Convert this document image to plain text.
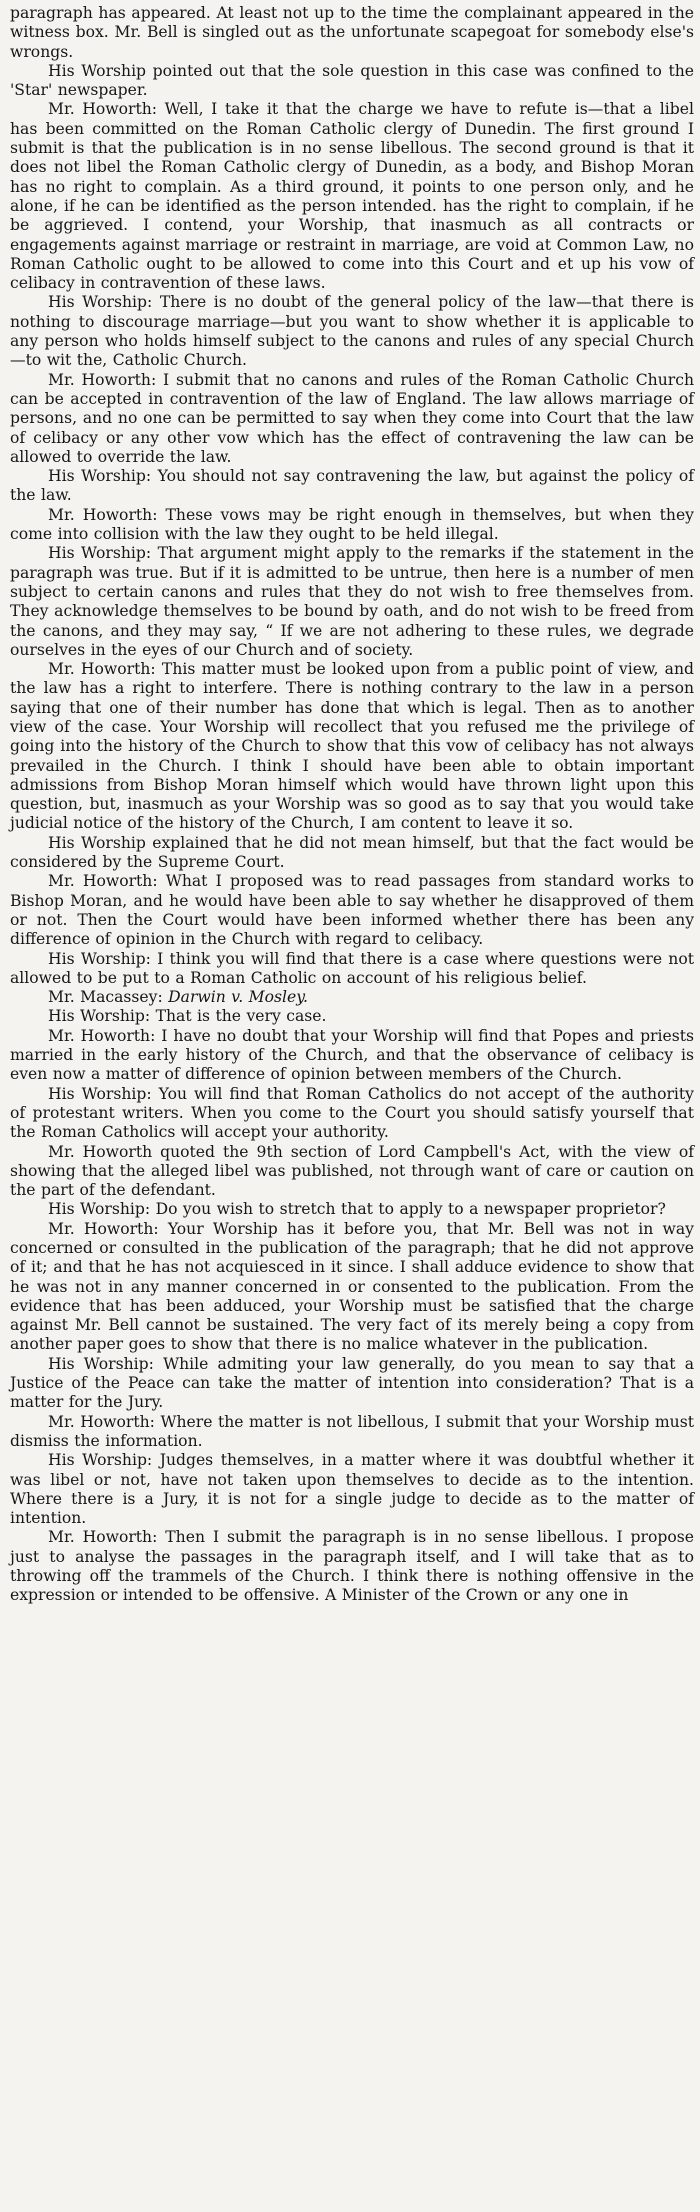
paragraph has appeared. At least not up to the time the complainant appeared in the witness box. Mr. Bell is singled out as the unfortunate scapegoat for somebody else's wrongs.

His Worship pointed out that the sole question in this case was confined to the 'Star' newspaper.

Mr. Howorth: Well, I take it that the charge we have to refute is—that a libel has been committed on the Roman Catholic clergy of Dunedin. The first ground I submit is that the publication is in no sense libellous. The second ground is that it does not libel the Roman Catholic clergy of Dunedin, as a body, and Bishop Moran has no right to complain. As a third ground, it points to one person only, and he alone, if he can be identified as the person intended. has the right to complain, if he be aggrieved. I contend, your Worship, that inasmuch as all contracts or engagements against marriage or restraint in marriage, are void at Common Law, no Roman Catholic ought to be allowed to come into this Court and et up his vow of celibacy in contravention of these laws.

His Worship: There is no doubt of the general policy of the law—that there is nothing to discourage marriage—but you want to show whether it is applicable to any person who holds himself subject to the canons and rules of any special Church—to wit the, Catholic Church.

Mr. Howorth: I submit that no canons and rules of the Roman Catholic Church can be accepted in contravention of the law of England. The law allows marriage of persons, and no one can be permitted to say when they come into Court that the law of celibacy or any other vow which has the effect of contravening the law can be allowed to override the law.

His Worship: You should not say contravening the law, but against the policy of the law.

Mr. Howorth: These vows may be right enough in themselves, but when they come into collision with the law they ought to be held illegal.

His Worship: That argument might apply to the remarks if the statement in the paragraph was true. But if it is admitted to be untrue, then here is a number of men subject to certain canons and rules that they do not wish to free themselves from. They acknowledge themselves to be bound by oath, and do not wish to be freed from the canons, and they may say, “ If we are not adhering to these rules, we degrade ourselves in the eyes of our Church and of society.

Mr. Howorth: This matter must be looked upon from a public point of view, and the law has a right to interfere. There is nothing contrary to the law in a person saying that one of their number has done that which is legal. Then as to another view of the case. Your Worship will recollect that you refused me the privilege of going into the history of the Church to show that this vow of celibacy has not always prevailed in the Church. I think I should have been able to obtain important admissions from Bishop Moran himself which would have thrown light upon this question, but, inasmuch as your Worship was so good as to say that you would take judicial notice of the history of the Church, I am content to leave it so.

His Worship explained that he did not mean himself, but that the fact would be considered by the Supreme Court.

Mr. Howorth: What I proposed was to read passages from standard works to Bishop Moran, and he would have been able to say whether he disapproved of them or not. Then the Court would have been informed whether there has been any difference of opinion in the Church with regard to celibacy.

His Worship: I think you will find that there is a case where questions were not allowed to be put to a Roman Catholic on account of his religious belief.

Mr. Macassey: Darwin v. Mosley.

His Worship: That is the very case.

Mr. Howorth: I have no doubt that your Worship will find that Popes and priests married in the early history of the Church, and that the observance of celibacy is even now a matter of difference of opinion between members of the Church.

His Worship: You will find that Roman Catholics do not accept of the authority of protestant writers. When you come to the Court you should satisfy yourself that the Roman Catholics will accept your authority.

Mr. Howorth quoted the 9th section of Lord Campbell's Act, with the view of showing that the alleged libel was published, not through want of care or caution on the part of the defendant.

His Worship: Do you wish to stretch that to apply to a newspaper proprietor?

Mr. Howorth: Your Worship has it before you, that Mr. Bell was not in way concerned or consulted in the publication of the paragraph; that he did not approve of it; and that he has not acquiesced in it since. I shall adduce evidence to show that he was not in any manner concerned in or consented to the publication. From the evidence that has been adduced, your Worship must be satisfied that the charge against Mr. Bell cannot be sustained. The very fact of its merely being a copy from another paper goes to show that there is no malice whatever in the publication.

His Worship: While admiting your law generally, do you mean to say that a Justice of the Peace can take the matter of intention into consideration? That is a matter for the Jury.

Mr. Howorth: Where the matter is not libellous, I submit that your Worship must dismiss the information.

His Worship: Judges themselves, in a matter where it was doubtful whether it was libel or not, have not taken upon themselves to decide as to the intention. Where there is a Jury, it is not for a single judge to decide as to the matter of intention.

Mr. Howorth: Then I submit the paragraph is in no sense libellous. I propose just to analyse the passages in the paragraph itself, and I will take that as to throwing off the trammels of the Church. I think there is nothing offensive in the expression or intended to be offensive. A Minister of the Crown or any one in
